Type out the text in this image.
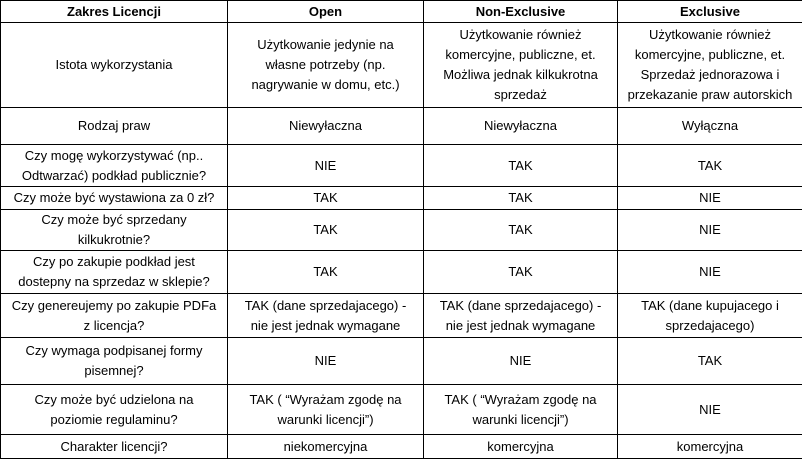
Zakres Licencji	Open	Non-Exclusive	Exclusive
Istota wykorzystania	Użytkowanie jedynie na
własne potrzeby (np.
nagrywanie w domu, etc.)	Użytkowanie również
komercyjne, publiczne, et.
Możliwa jednak kilkukrotna
sprzedaż	Użytkowanie również
komercyjne, publiczne, et.
Sprzedaż jednorazowa i
przekazanie praw autorskich
Rodzaj praw	Niewyłaczna	Niewyłaczna	Wyłączna
Czy mogę wykorzystywać (np..
Odtwarzać) podkład publicznie?	NIE	TAK	TAK
Czy może być wystawiona za 0 zł?	TAK	TAK	NIE
Czy może być sprzedany
kilkukrotnie?	TAK	TAK	NIE
Czy po zakupie podkład jest
dostepny na sprzedaz w sklepie?	TAK	TAK	NIE
Czy genereujemy po zakupie PDFa
z licencja?	TAK (dane sprzedajacego) -
nie jest jednak wymagane	TAK (dane sprzedajacego) -
nie jest jednak wymagane	TAK (dane kupujacego i
sprzedajacego)
Czy wymaga podpisanej formy
pisemnej?	NIE	NIE	TAK
Czy może być udzielona na
poziomie regulaminu?	TAK ( “Wyrażam zgodę na
warunki licencji”)	TAK ( “Wyrażam zgodę na
warunki licencji”)	NIE
Charakter licencji?	niekomercyjna	komercyjna	komercyjna
